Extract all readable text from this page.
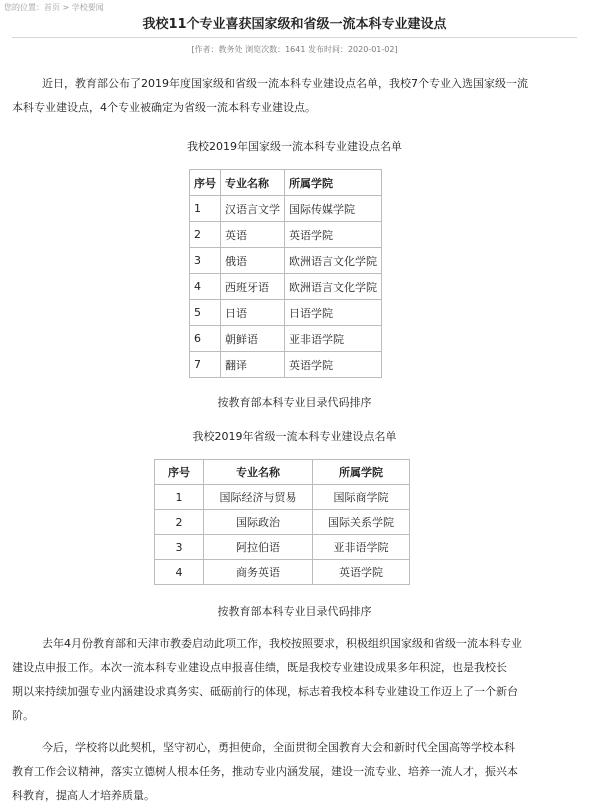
您的位置：首页 > 学校要闻
我校11个专业喜获国家级和省级一流本科专业建设点
[作者：教务处 浏览次数：1641 发布时间：2020-01-02]

近日，教育部公布了2019年度国家级和省级一流本科专业建设点名单，我校7个专业入选国家级一流
本科专业建设点，4个专业被确定为省级一流本科专业建设点。

我校2019年国家级一流本科专业建设点名单
序号	专业名称	所属学院
1	汉语言文学	国际传媒学院
2	英语	英语学院
3	俄语	欧洲语言文化学院
4	西班牙语	欧洲语言文化学院
5	日语	日语学院
6	朝鲜语	亚非语学院
7	翻译	英语学院
按教育部本科专业目录代码排序
我校2019年省级一流本科专业建设点名单
序号	专业名称	所属学院
1	国际经济与贸易	国际商学院
2	国际政治	国际关系学院
3	阿拉伯语	亚非语学院
4	商务英语	英语学院
按教育部本科专业目录代码排序

去年4月份教育部和天津市教委启动此项工作，我校按照要求，积极组织国家级和省级一流本科专业
建设点申报工作。本次一流本科专业建设点申报喜佳绩，既是我校专业建设成果多年积淀，也是我校长
期以来持续加强专业内涵建设求真务实、砥砺前行的体现，标志着我校本科专业建设工作迈上了一个新台
阶。

今后，学校将以此契机，坚守初心，勇担使命，全面贯彻全国教育大会和新时代全国高等学校本科
教育工作会议精神，落实立德树人根本任务，推动专业内涵发展，建设一流专业、培养一流人才，振兴本
科教育，提高人才培养质量。
